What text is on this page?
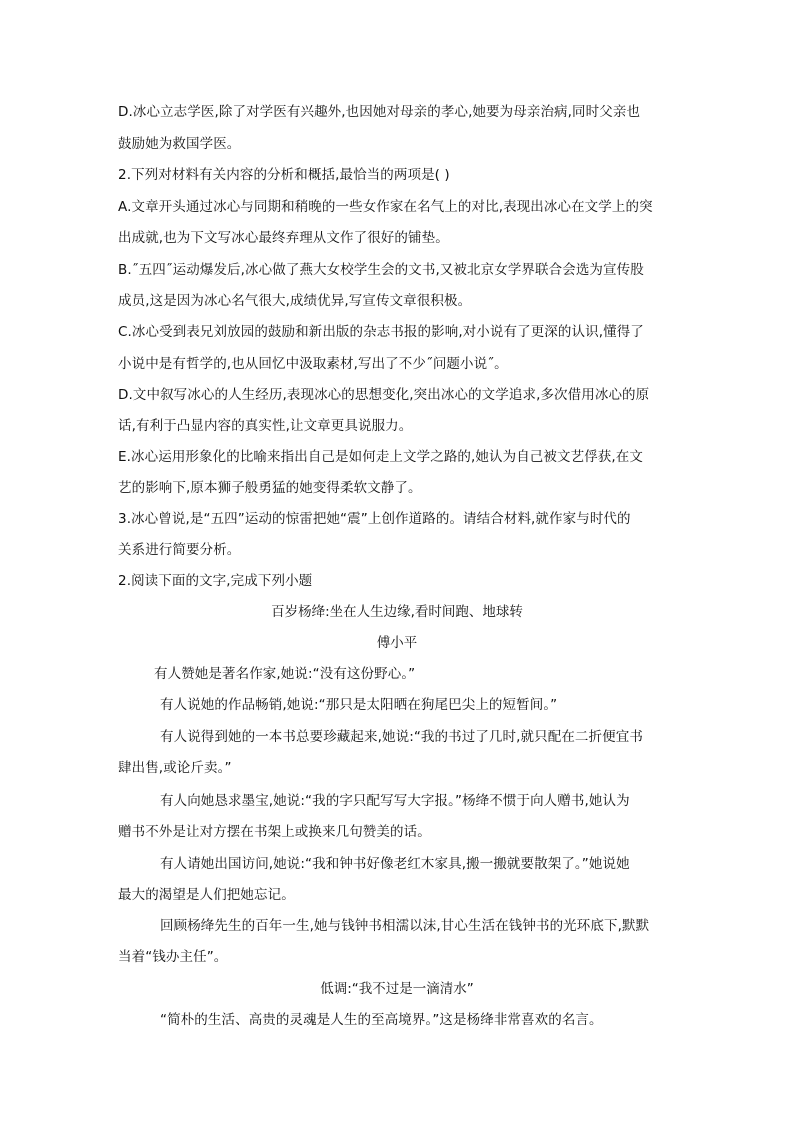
D.冰心立志学医,除了对学医有兴趣外,也因她对母亲的孝心,她要为母亲治病,同时父亲也
鼓励她为救国学医。
2.下列对材料有关内容的分析和概括,最恰当的两项是( )
A.文章开头通过冰心与同期和稍晚的一些女作家在名气上的对比,表现出冰心在文学上的突
出成就,也为下文写冰心最终弃理从文作了很好的铺垫。
B.˝五四˝运动爆发后,冰心做了燕大女校学生会的文书,又被北京女学界联合会选为宣传股
成员,这是因为冰心名气很大,成绩优异,写宣传文章很积极。
C.冰心受到表兄刘放园的鼓励和新出版的杂志书报的影响,对小说有了更深的认识,懂得了
小说中是有哲学的,也从回忆中汲取素材,写出了不少˝问题小说˝。
D.文中叙写冰心的人生经历,表现冰心的思想变化,突出冰心的文学追求,多次借用冰心的原
话,有利于凸显内容的真实性,让文章更具说服力。
E.冰心运用形象化的比喻来指出自己是如何走上文学之路的,她认为自己被文艺俘获,在文
艺的影响下,原本狮子般勇猛的她变得柔软文静了。
3.冰心曾说,是“五四”运动的惊雷把她“震”上创作道路的。请结合材料,就作家与时代的
关系进行简要分析。
2.阅读下面的文字,完成下列小题
百岁杨绛:坐在人生边缘,看时间跑、地球转
傅小平
有人赞她是著名作家,她说:“没有这份野心。”
有人说她的作品畅销,她说:“那只是太阳晒在狗尾巴尖上的短暂间。”
有人说得到她的一本书总要珍藏起来,她说:“我的书过了几时,就只配在二折便宜书
肆出售,或论斤卖。”
有人向她恳求墨宝,她说:“我的字只配写写大字报。”杨绛不惯于向人赠书,她认为
赠书不外是让对方摆在书架上或换来几句赞美的话。
有人请她出国访问,她说:“我和钟书好像老红木家具,搬一搬就要散架了。”她说她
最大的渴望是人们把她忘记。
回顾杨绛先生的百年一生,她与钱钟书相濡以沫,甘心生活在钱钟书的光环底下,默默
当着“钱办主任”。
低调:“我不过是一滴清水”
“简朴的生活、高贵的灵魂是人生的至高境界。”这是杨绛非常喜欢的名言。
